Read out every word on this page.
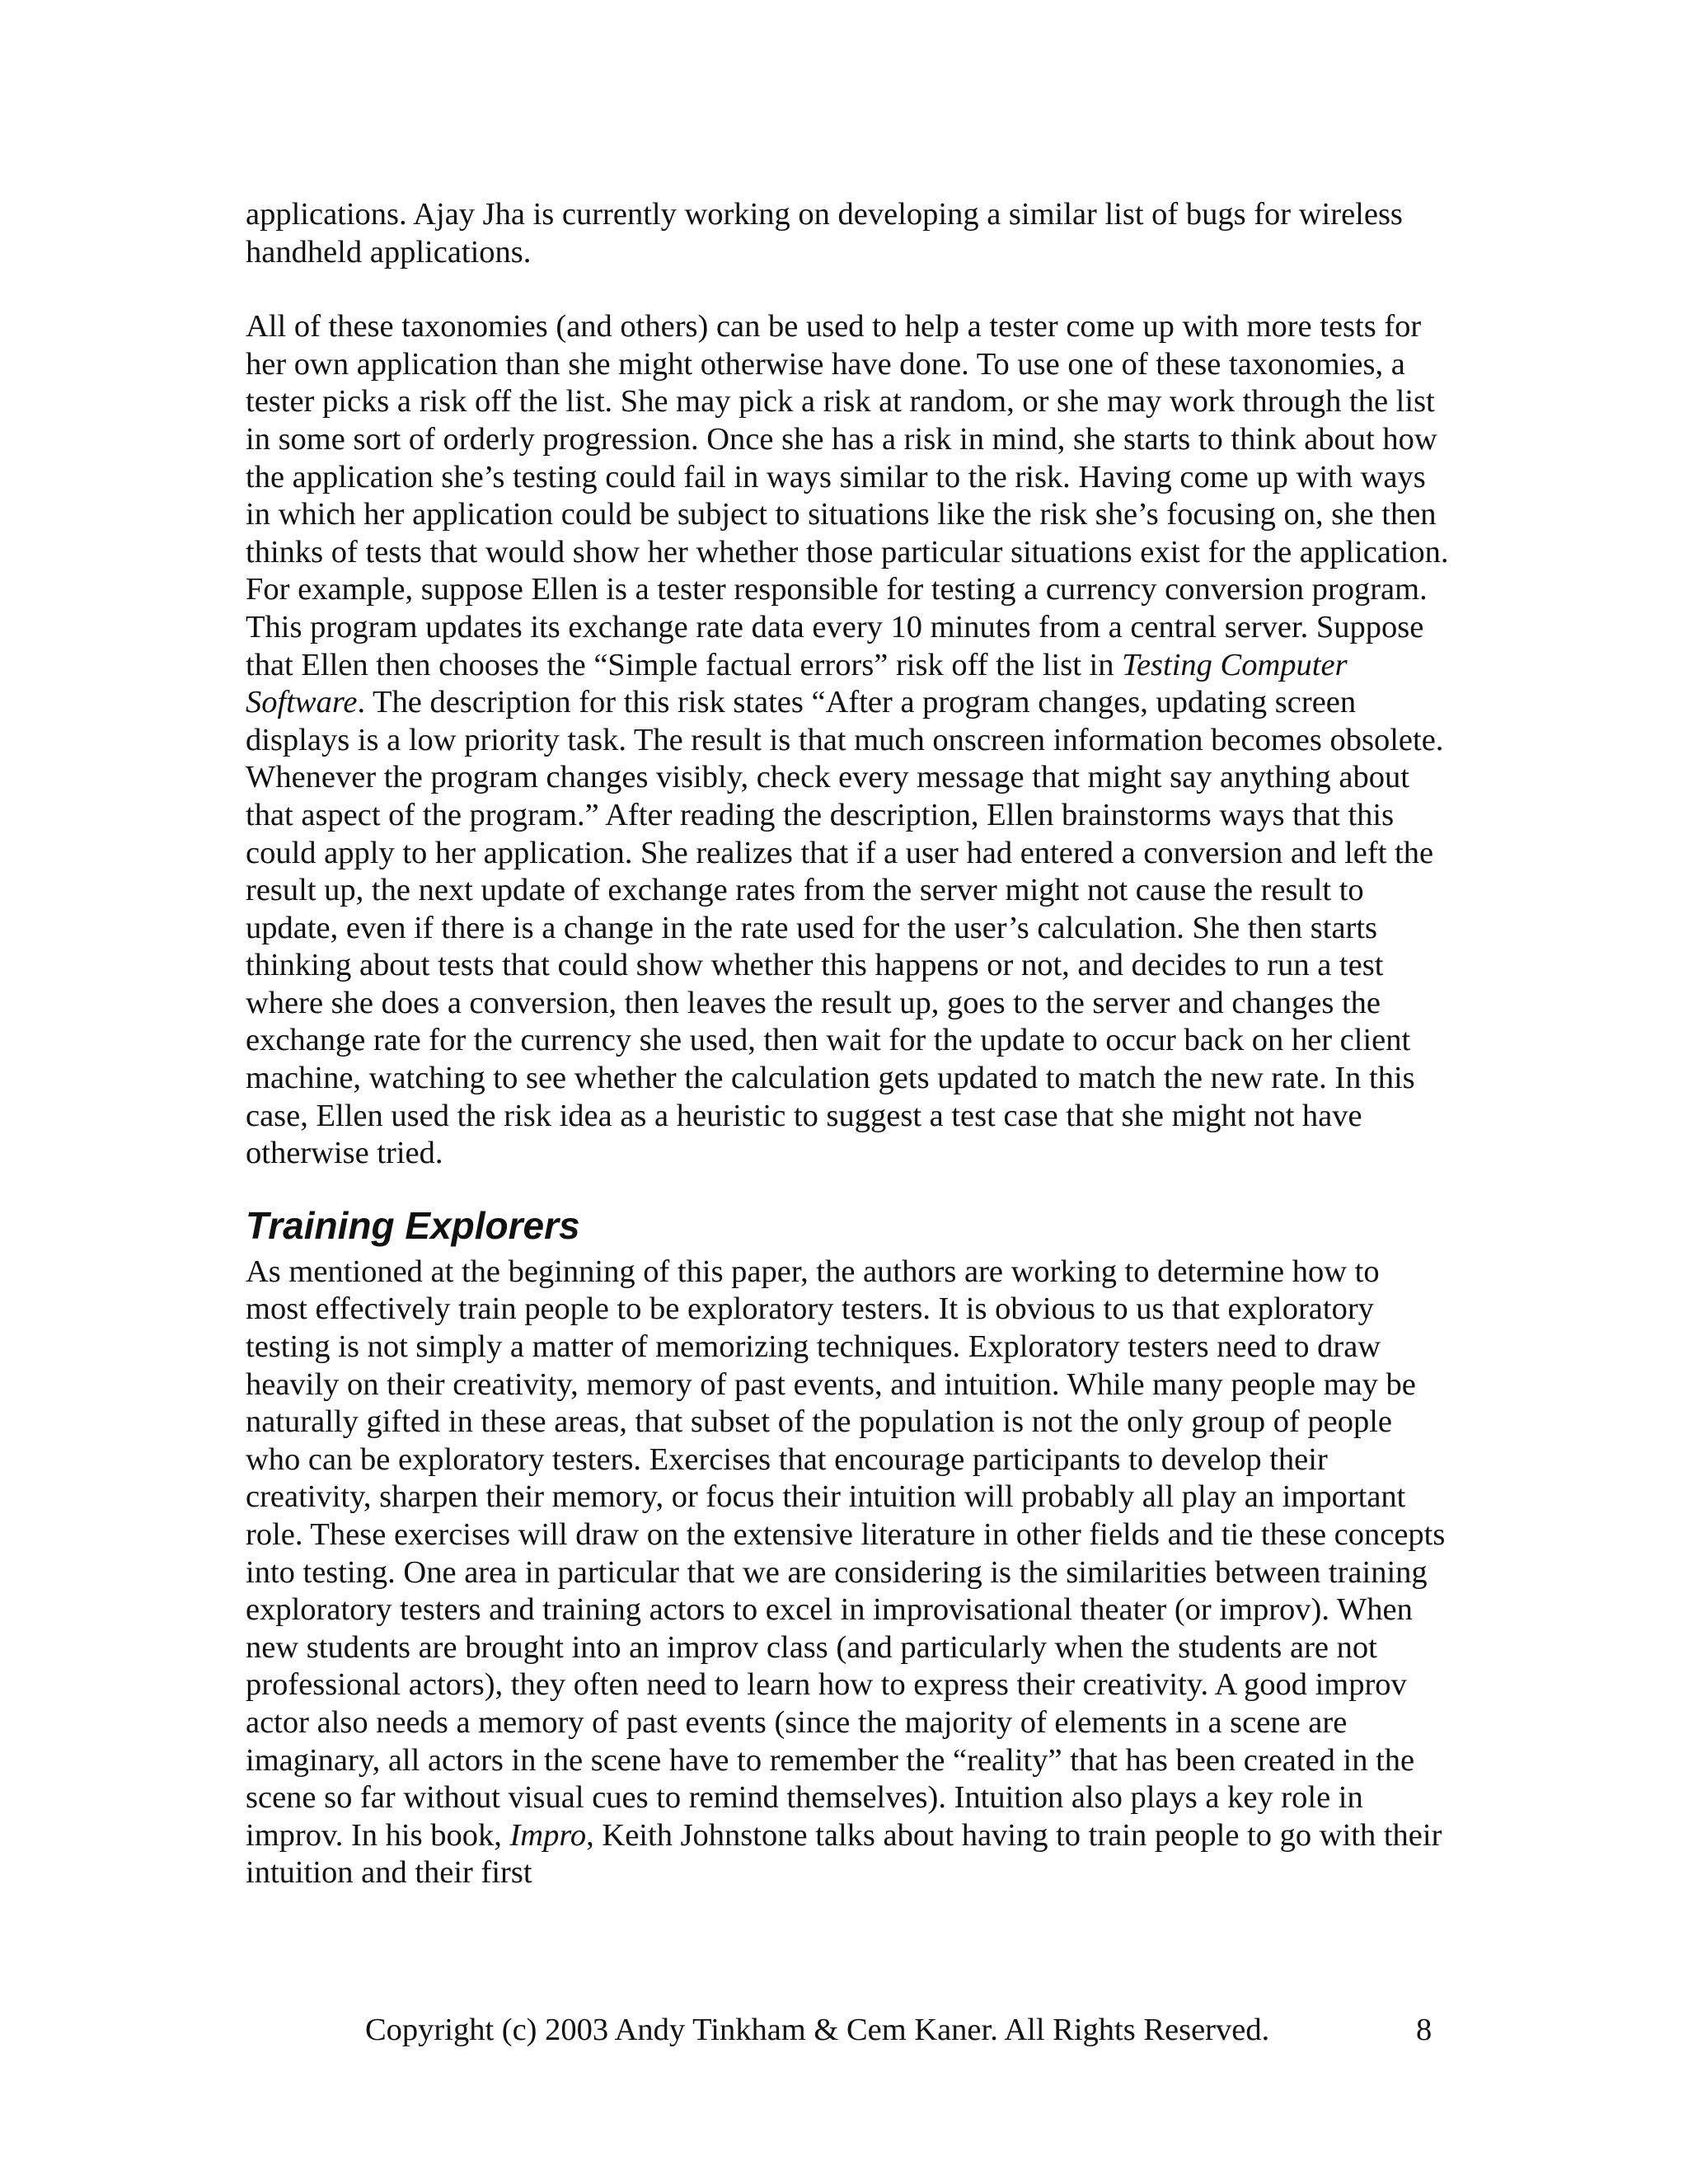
applications. Ajay Jha is currently working on developing a similar list of bugs for wireless handheld applications.

All of these taxonomies (and others) can be used to help a tester come up with more tests for her own application than she might otherwise have done. To use one of these taxonomies, a tester picks a risk off the list. She may pick a risk at random, or she may work through the list in some sort of orderly progression. Once she has a risk in mind, she starts to think about how the application she’s testing could fail in ways similar to the risk. Having come up with ways in which her application could be subject to situations like the risk she’s focusing on, she then thinks of tests that would show her whether those particular situations exist for the application.

For example, suppose Ellen is a tester responsible for testing a currency conversion program. This program updates its exchange rate data every 10 minutes from a central server. Suppose that Ellen then chooses the “Simple factual errors” risk off the list in Testing Computer Software. The description for this risk states “After a program changes, updating screen displays is a low priority task. The result is that much onscreen information becomes obsolete. Whenever the program changes visibly, check every message that might say anything about that aspect of the program.” After reading the description, Ellen brainstorms ways that this could apply to her application. She realizes that if a user had entered a conversion and left the result up, the next update of exchange rates from the server might not cause the result to update, even if there is a change in the rate used for the user’s calculation. She then starts thinking about tests that could show whether this happens or not, and decides to run a test where she does a conversion, then leaves the result up, goes to the server and changes the exchange rate for the currency she used, then wait for the update to occur back on her client machine, watching to see whether the calculation gets updated to match the new rate. In this case, Ellen used the risk idea as a heuristic to suggest a test case that she might not have otherwise tried.

Training Explorers

As mentioned at the beginning of this paper, the authors are working to determine how to most effectively train people to be exploratory testers. It is obvious to us that exploratory testing is not simply a matter of memorizing techniques. Exploratory testers need to draw heavily on their creativity, memory of past events, and intuition. While many people may be naturally gifted in these areas, that subset of the population is not the only group of people who can be exploratory testers. Exercises that encourage participants to develop their creativity, sharpen their memory, or focus their intuition will probably all play an important role. These exercises will draw on the extensive literature in other fields and tie these concepts into testing. One area in particular that we are considering is the similarities between training exploratory testers and training actors to excel in improvisational theater (or improv). When new students are brought into an improv class (and particularly when the students are not professional actors), they often need to learn how to express their creativity. A good improv actor also needs a memory of past events (since the majority of elements in a scene are imaginary, all actors in the scene have to remember the “reality” that has been created in the scene so far without visual cues to remind themselves). Intuition also plays a key role in improv. In his book, Impro, Keith Johnstone talks about having to train people to go with their intuition and their first

Copyright (c) 2003 Andy Tinkham & Cem Kaner. All Rights Reserved.	8
